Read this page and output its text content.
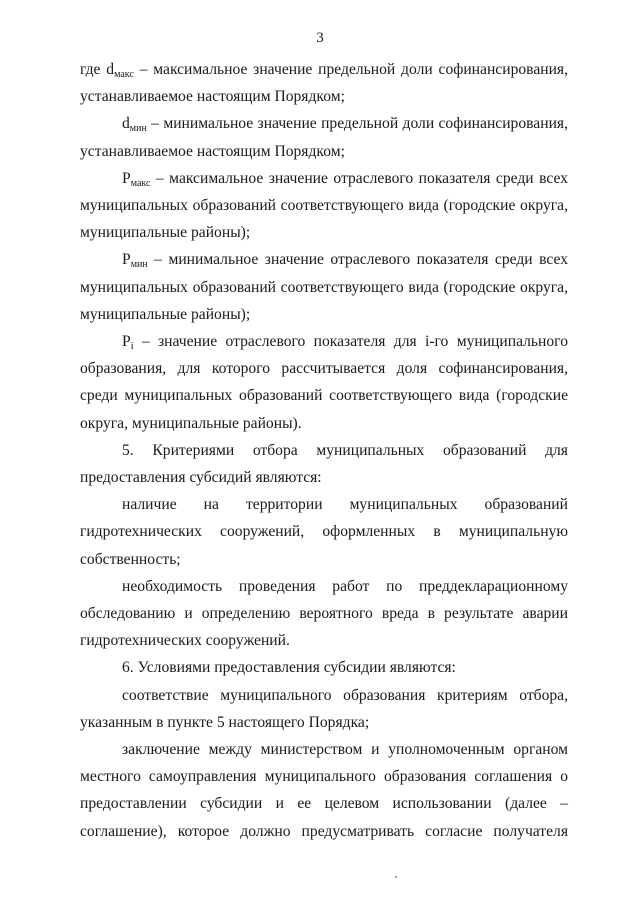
3

где $d_{макс}$ – максимальное значение предельной доли софинансирования, устанавливаемое настоящим Порядком;

$d_{мин}$ – минимальное значение предельной доли софинансирования, устанавливаемое настоящим Порядком;

$P_{макс}$ – максимальное значение отраслевого показателя среди всех муниципальных образований соответствующего вида (городские округа, муниципальные районы);

$P_{мин}$ – минимальное значение отраслевого показателя среди всех муниципальных образований соответствующего вида (городские округа, муниципальные районы);

$P_i$ – значение отраслевого показателя для i-го муниципального образования, для которого рассчитывается доля софинансирования, среди муниципальных образований соответствующего вида (городские округа, муниципальные районы).

5. Критериями отбора муниципальных образований для предоставления субсидий являются:

наличие на территории муниципальных образований гидротехнических сооружений, оформленных в муниципальную собственность;

необходимость проведения работ по преддекларационному обследованию и определению вероятного вреда в результате аварии гидротехнических сооружений.

6. Условиями предоставления субсидии являются:

соответствие муниципального образования критериям отбора, указанным в пункте 5 настоящего Порядка;

заключение между министерством и уполномоченным органом местного самоуправления муниципального образования соглашения о предоставлении субсидии и ее целевом использовании (далее – соглашение), которое должно предусматривать согласие получателя
